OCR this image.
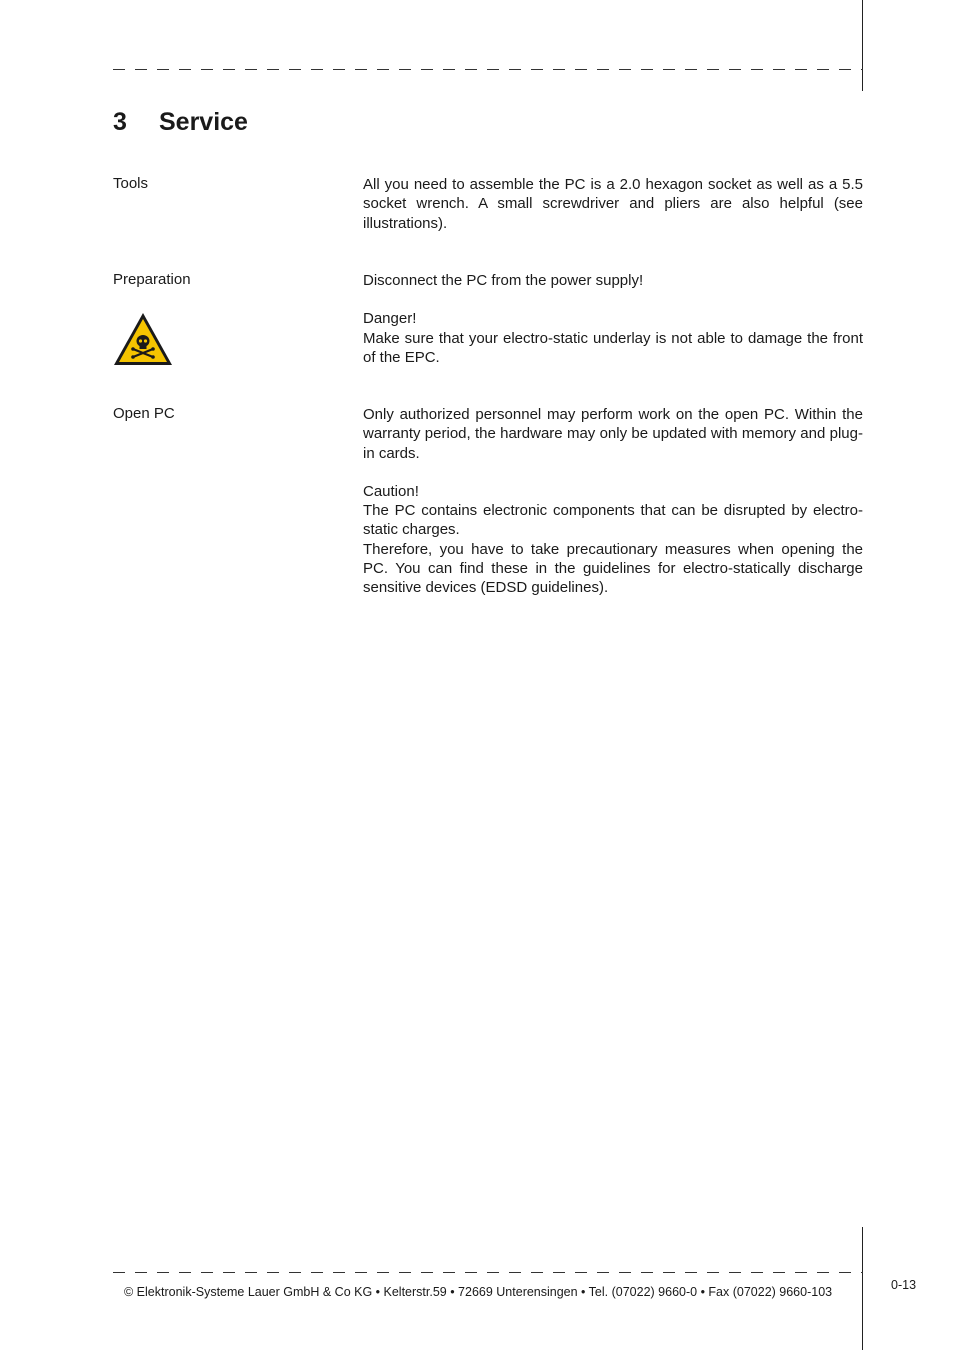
3 Service

Tools	All you need to assemble the PC is a 2.0 hexagon socket as well as a 5.5 socket wrench. A small screwdriver and pliers are also helpful (see illustrations).

Preparation	Disconnect the PC from the power supply!

Danger!

Make sure that your electro-static underlay is not able to damage the front of the EPC.

Open PC	Only authorized personnel may perform work on the open PC. Within the warranty period, the hardware may only be updated with memory and plug-in cards.

Caution!

The PC contains electronic components that can be disrupted by electro-static charges.

Therefore, you have to take precautionary measures when opening the PC. You can find these in the guidelines for electro-statically discharge sensitive devices (EDSD guidelines).

© Elektronik-Systeme Lauer GmbH & Co KG • Kelterstr.59 • 72669 Unterensingen • Tel. (07022) 9660-0 • Fax (07022) 9660-103	0-13
